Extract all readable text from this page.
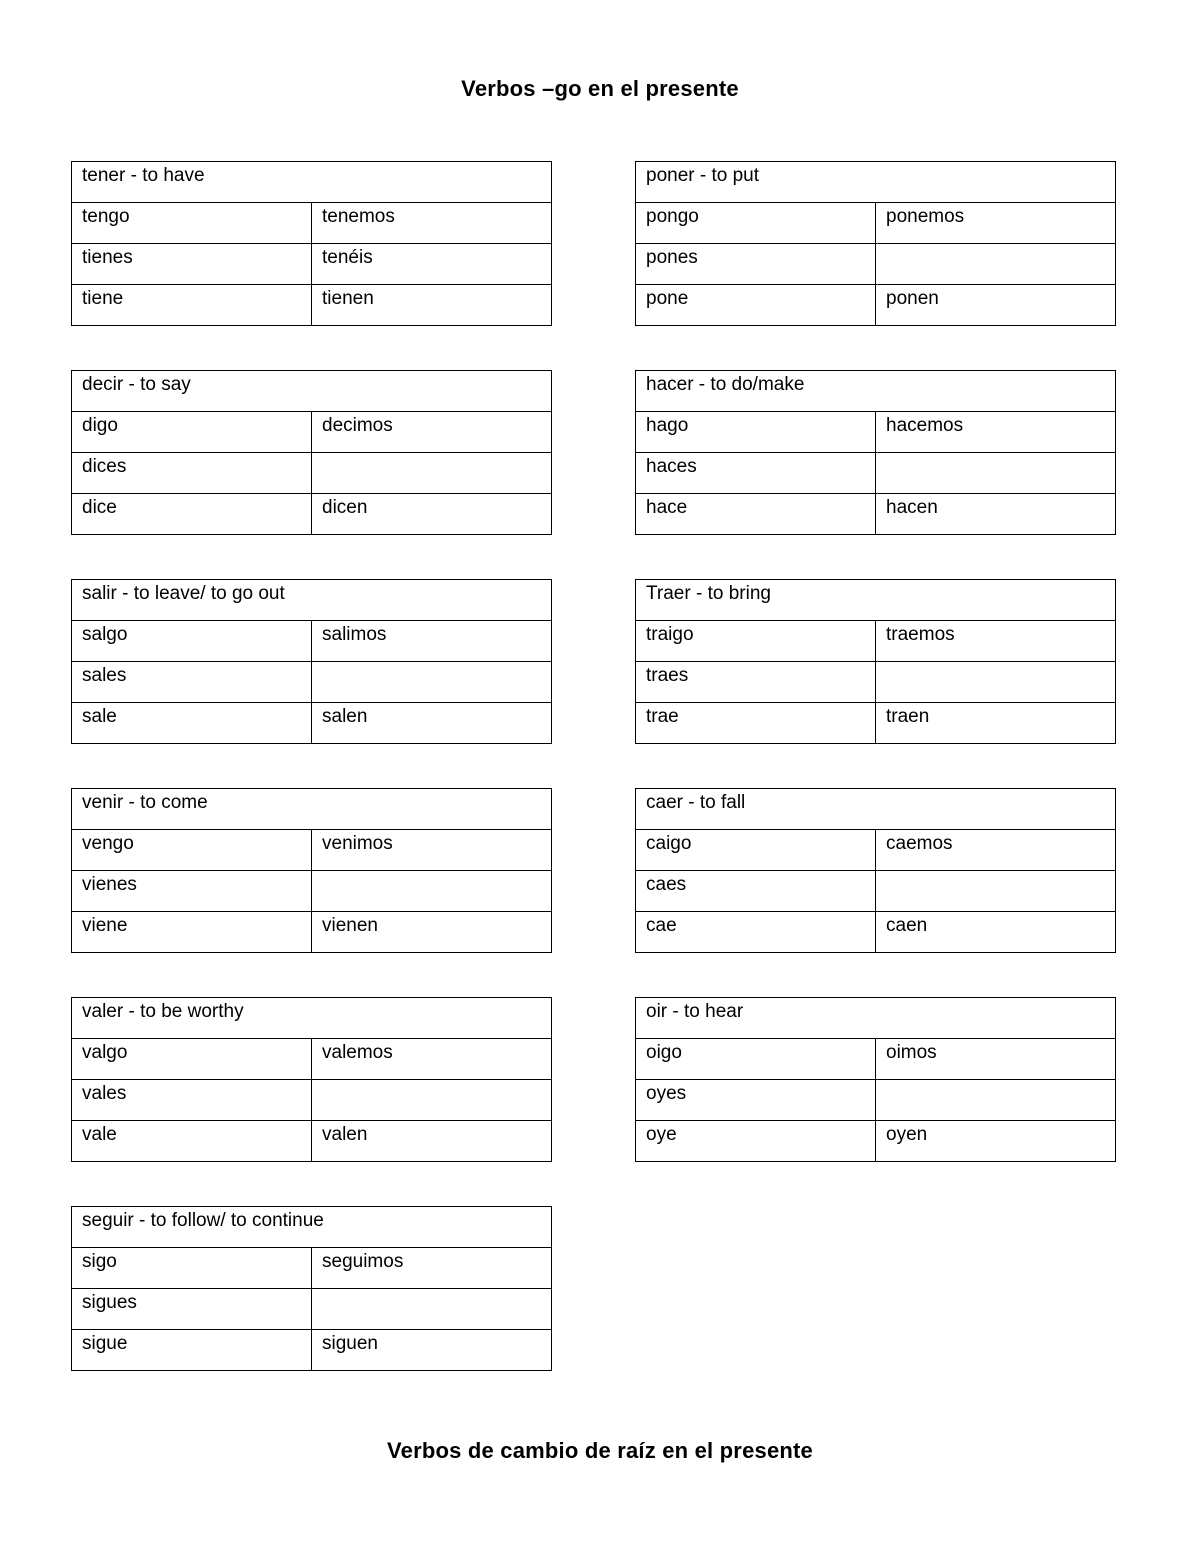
Verbos –go en el presente
tener - to have	
tengo	tenemos
tienes	tenéis
tiene	tienen
poner - to put	
pongo	ponemos
pones	
pone	ponen
decir - to say	
digo	decimos
dices	
dice	dicen
hacer - to do/make	
hago	hacemos
haces	
hace	hacen
salir - to leave/ to go out	
salgo	salimos
sales	
sale	salen
Traer - to bring	
traigo	traemos
traes	
trae	traen
venir - to come	
vengo	venimos
vienes	
viene	vienen
caer - to fall	
caigo	caemos
caes	
cae	caen
valer - to be worthy	
valgo	valemos
vales	
vale	valen
oir - to hear	
oigo	oimos
oyes	
oye	oyen
seguir - to follow/ to continue	
sigo	seguimos
sigues	
sigue	siguen
Verbos de cambio de raíz en el presente
